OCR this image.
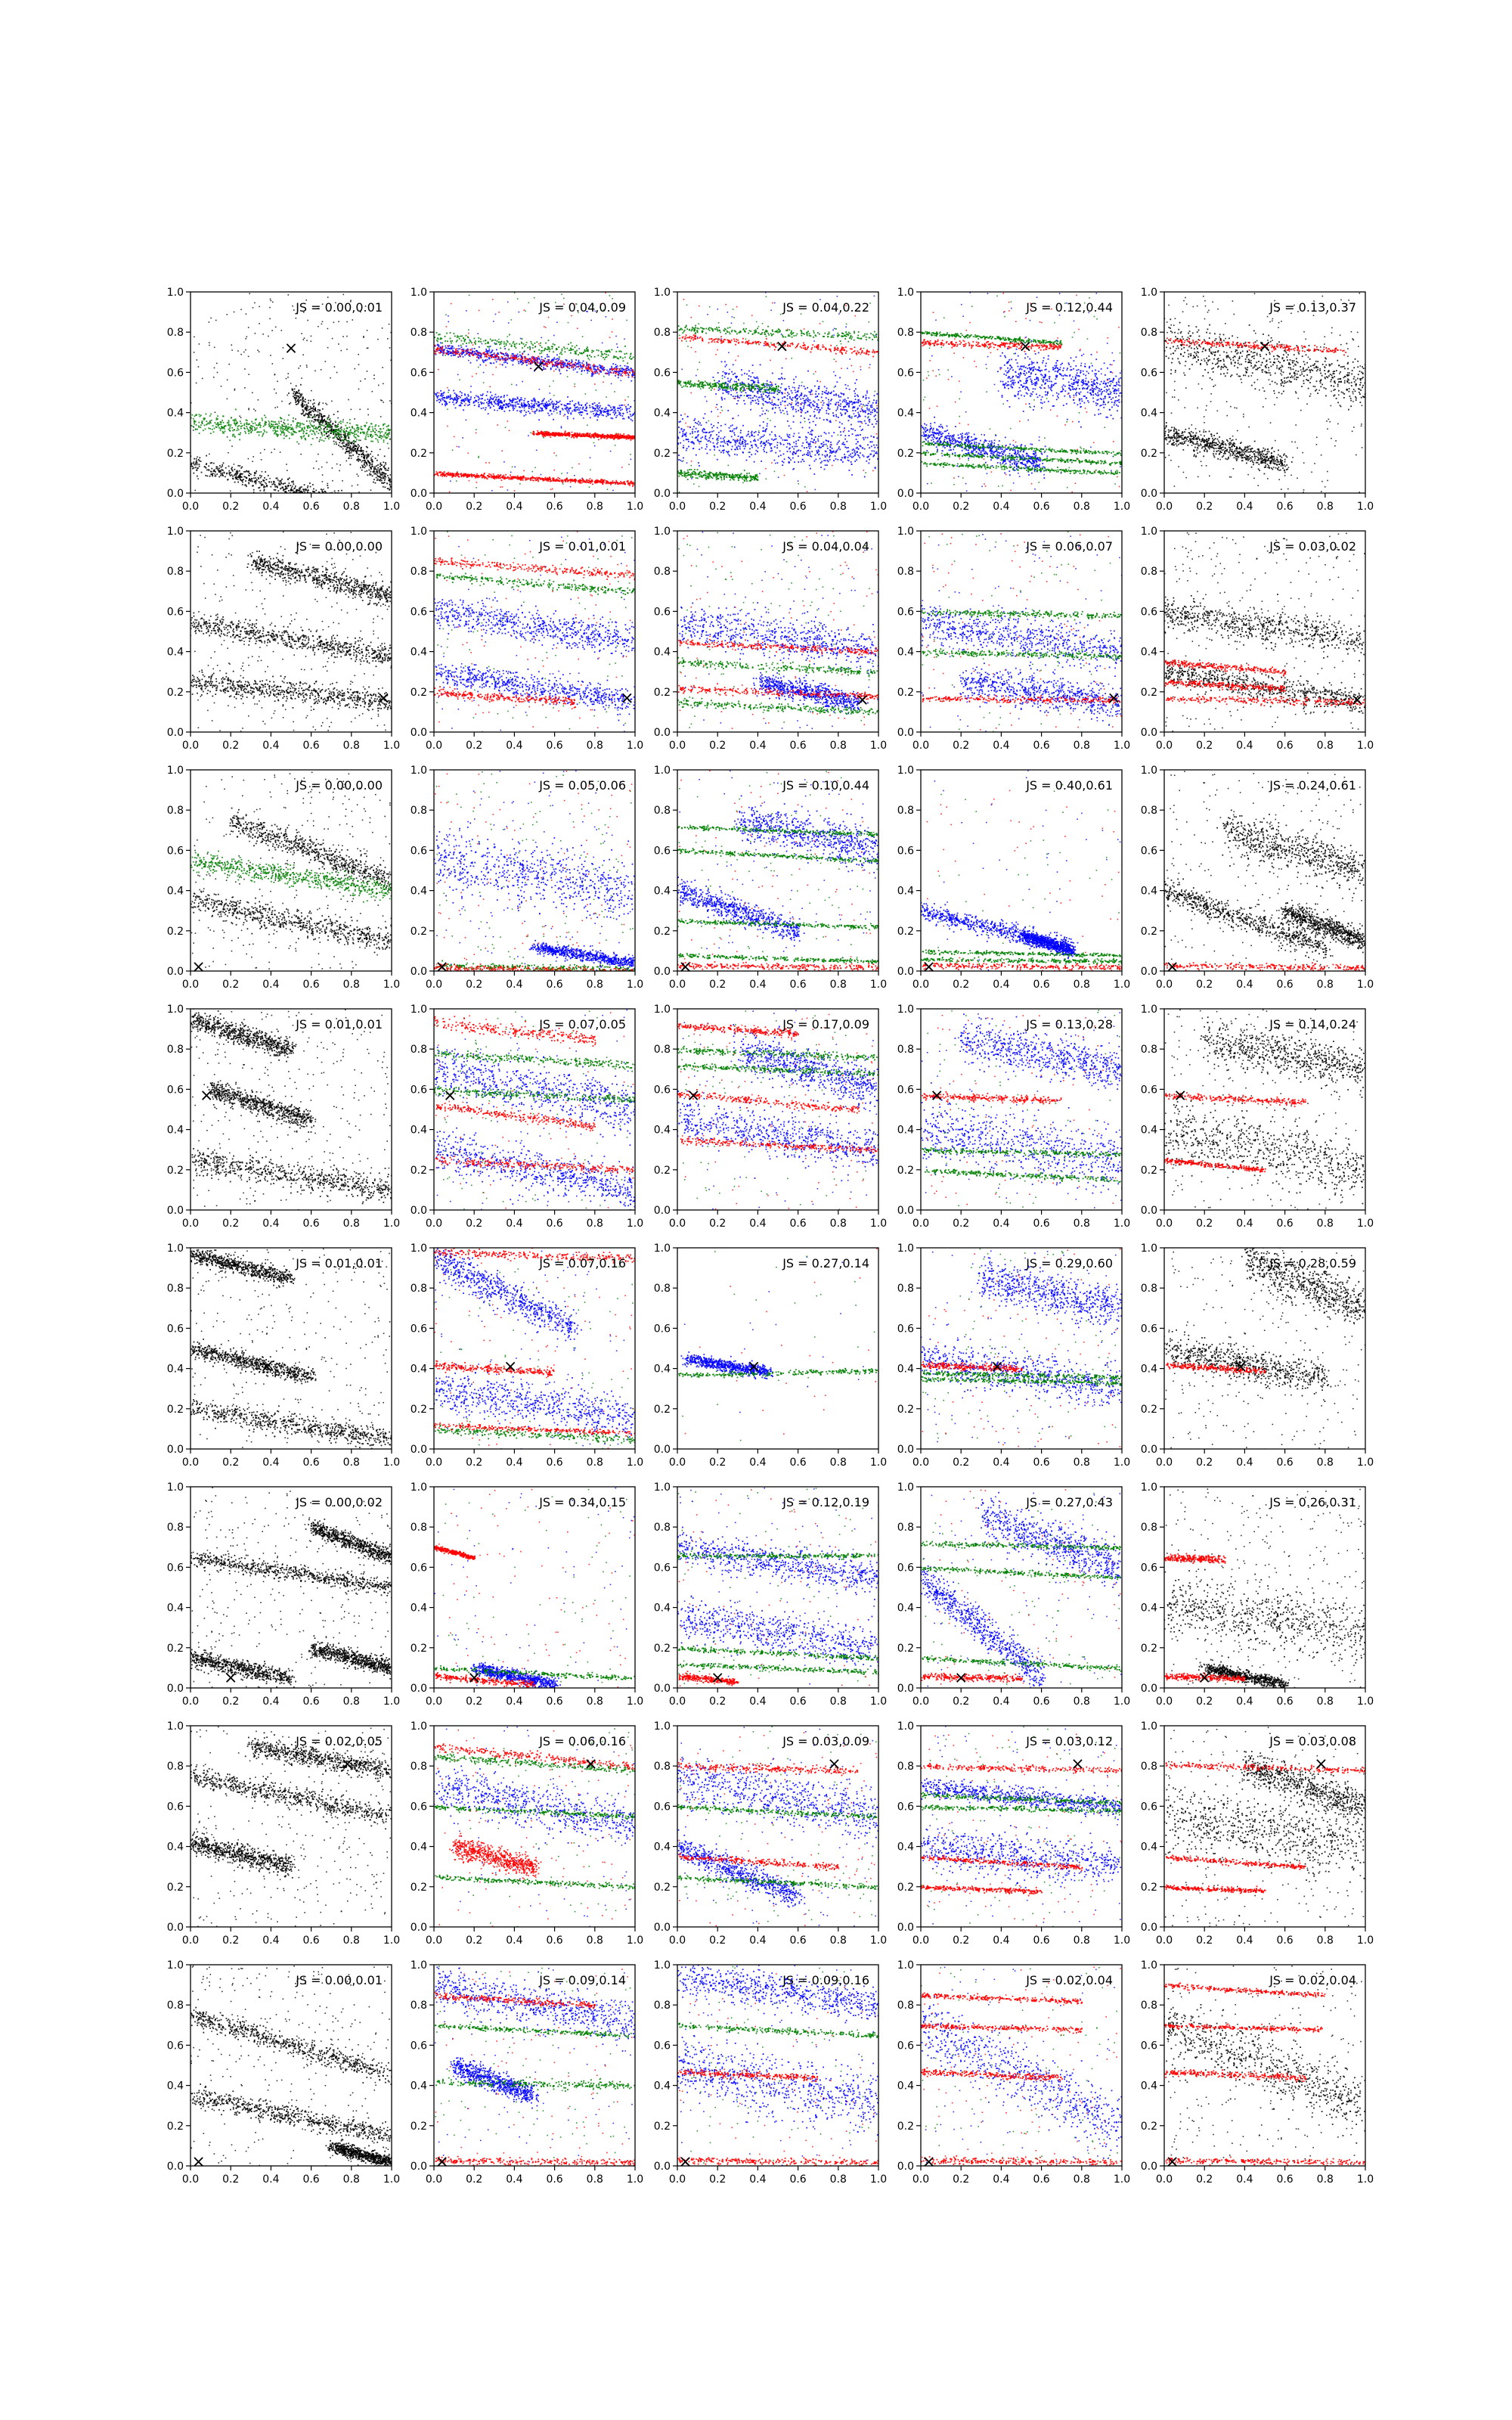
×
0.0 0.2 0.4 0.6 0.8 1.0
0.0
0.2
0.4
0.6
0.8
1.0
JS = 0.00,0.01
×
0.0 0.2 0.4 0.6 0.8 1.0
0.0
0.2
0.4
0.6
0.8
1.0
JS = 0.04,0.09
×
0.0 0.2 0.4 0.6 0.8 1.0
0.0
0.2
0.4
0.6
0.8
1.0
JS = 0.04,0.22
×
0.0 0.2 0.4 0.6 0.8 1.0
0.0
0.2
0.4
0.6
0.8
1.0
JS = 0.12,0.44
×
0.0 0.2 0.4 0.6 0.8 1.0
0.0
0.2
0.4
0.6
0.8
1.0
JS = 0.13,0.37
×
0.0 0.2 0.4 0.6 0.8 1.0
0.0
0.2
0.4
0.6
0.8
1.0
JS = 0.00,0.00
×
0.0 0.2 0.4 0.6 0.8 1.0
0.0
0.2
0.4
0.6
0.8
1.0
JS = 0.01,0.01
×
0.0 0.2 0.4 0.6 0.8 1.0
0.0
0.2
0.4
0.6
0.8
1.0
JS = 0.04,0.04
×
0.0 0.2 0.4 0.6 0.8 1.0
0.0
0.2
0.4
0.6
0.8
1.0
JS = 0.06,0.07
×
0.0 0.2 0.4 0.6 0.8 1.0
0.0
0.2
0.4
0.6
0.8
1.0
JS = 0.03,0.02
×
0.0 0.2 0.4 0.6 0.8 1.0
0.0
0.2
0.4
0.6
0.8
1.0
JS = 0.00,0.00
×
0.0 0.2 0.4 0.6 0.8 1.0
0.0
0.2
0.4
0.6
0.8
1.0
JS = 0.05,0.06
×
0.0 0.2 0.4 0.6 0.8 1.0
0.0
0.2
0.4
0.6
0.8
1.0
JS = 0.10,0.44
×
0.0 0.2 0.4 0.6 0.8 1.0
0.0
0.2
0.4
0.6
0.8
1.0
JS = 0.40,0.61
×
0.0 0.2 0.4 0.6 0.8 1.0
0.0
0.2
0.4
0.6
0.8
1.0
JS = 0.24,0.61
×
0.0 0.2 0.4 0.6 0.8 1.0
0.0
0.2
0.4
0.6
0.8
1.0
JS = 0.01,0.01
×
0.0 0.2 0.4 0.6 0.8 1.0
0.0
0.2
0.4
0.6
0.8
1.0
JS = 0.07,0.05
×
0.0 0.2 0.4 0.6 0.8 1.0
0.0
0.2
0.4
0.6
0.8
1.0
JS = 0.17,0.09
×
0.0 0.2 0.4 0.6 0.8 1.0
0.0
0.2
0.4
0.6
0.8
1.0
JS = 0.13,0.28
×
0.0 0.2 0.4 0.6 0.8 1.0
0.0
0.2
0.4
0.6
0.8
1.0
JS = 0.14,0.24
×
0.0 0.2 0.4 0.6 0.8 1.0
0.0
0.2
0.4
0.6
0.8
1.0
JS = 0.01,0.01
×
0.0 0.2 0.4 0.6 0.8 1.0
0.0
0.2
0.4
0.6
0.8
1.0
JS = 0.07,0.16
×
0.0 0.2 0.4 0.6 0.8 1.0
0.0
0.2
0.4
0.6
0.8
1.0
JS = 0.27,0.14
×
0.0 0.2 0.4 0.6 0.8 1.0
0.0
0.2
0.4
0.6
0.8
1.0
JS = 0.29,0.60
×
0.0 0.2 0.4 0.6 0.8 1.0
0.0
0.2
0.4
0.6
0.8
1.0
JS = 0.28,0.59
×
0.0 0.2 0.4 0.6 0.8 1.0
0.0
0.2
0.4
0.6
0.8
1.0
JS = 0.00,0.02
×
0.0 0.2 0.4 0.6 0.8 1.0
0.0
0.2
0.4
0.6
0.8
1.0
JS = 0.34,0.15
×
0.0 0.2 0.4 0.6 0.8 1.0
0.0
0.2
0.4
0.6
0.8
1.0
JS = 0.12,0.19
×
0.0 0.2 0.4 0.6 0.8 1.0
0.0
0.2
0.4
0.6
0.8
1.0
JS = 0.27,0.43
×
0.0 0.2 0.4 0.6 0.8 1.0
0.0
0.2
0.4
0.6
0.8
1.0
JS = 0.26,0.31
×
0.0 0.2 0.4 0.6 0.8 1.0
0.0
0.2
0.4
0.6
0.8
1.0
JS = 0.02,0.05
×
0.0 0.2 0.4 0.6 0.8 1.0
0.0
0.2
0.4
0.6
0.8
1.0
JS = 0.06,0.16
×
0.0 0.2 0.4 0.6 0.8 1.0
0.0
0.2
0.4
0.6
0.8
1.0
JS = 0.03,0.09
×
0.0 0.2 0.4 0.6 0.8 1.0
0.0
0.2
0.4
0.6
0.8
1.0
JS = 0.03,0.12
×
0.0 0.2 0.4 0.6 0.8 1.0
0.0
0.2
0.4
0.6
0.8
1.0
JS = 0.03,0.08
×
0.0 0.2 0.4 0.6 0.8 1.0
0.0
0.2
0.4
0.6
0.8
1.0
JS = 0.00,0.01
×
0.0 0.2 0.4 0.6 0.8 1.0
0.0
0.2
0.4
0.6
0.8
1.0
JS = 0.09,0.14
×
0.0 0.2 0.4 0.6 0.8 1.0
0.0
0.2
0.4
0.6
0.8
1.0
JS = 0.09,0.16
×
0.0 0.2 0.4 0.6 0.8 1.0
0.0
0.2
0.4
0.6
0.8
1.0
JS = 0.02,0.04
×
0.0 0.2 0.4 0.6 0.8 1.0
0.0
0.2
0.4
0.6
0.8
1.0
JS = 0.02,0.04
